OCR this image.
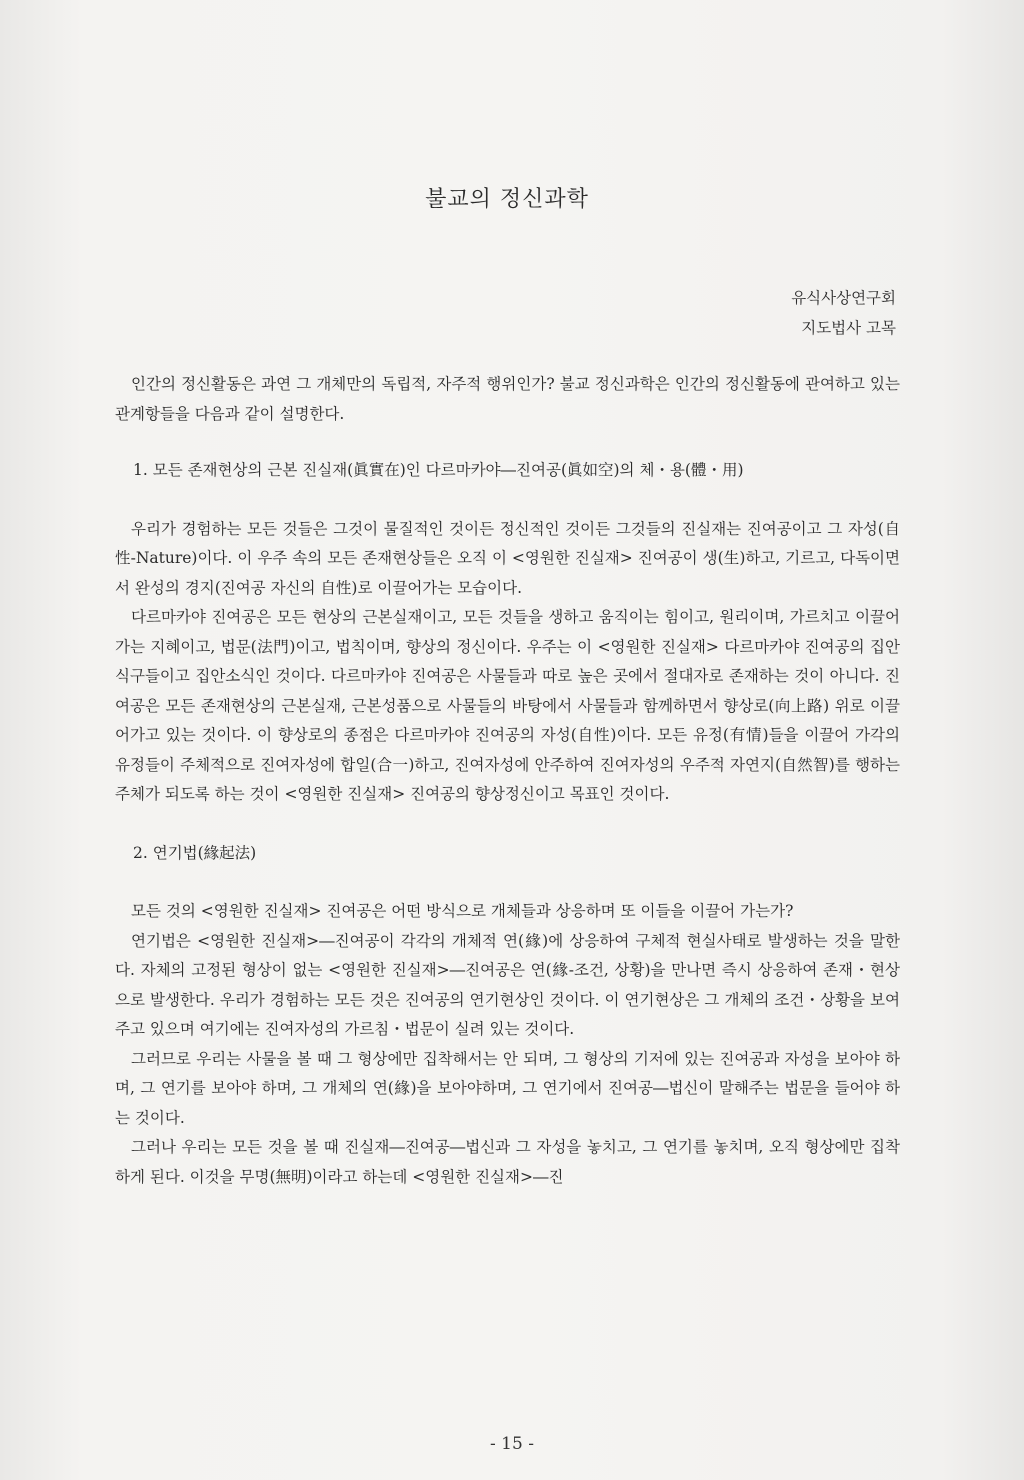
불교의 정신과학
유식사상연구회
지도법사 고목

인간의 정신활동은 과연 그 개체만의 독립적, 자주적 행위인가? 불교 정신과학은 인간의 정신활동에 관여하고 있는 관계항들을 다음과 같이 설명한다.

1. 모든 존재현상의 근본 진실재(眞實在)인 다르마카야―진여공(眞如空)의 체・용(體・用)

우리가 경험하는 모든 것들은 그것이 물질적인 것이든 정신적인 것이든 그것들의 진실재는 진여공이고 그 자성(自性-Nature)이다. 이 우주 속의 모든 존재현상들은 오직 이 <영원한 진실재> 진여공이 생(生)하고, 기르고, 다독이면서 완성의 경지(진여공 자신의 自性)로 이끌어가는 모습이다.

다르마카야 진여공은 모든 현상의 근본실재이고, 모든 것들을 생하고 움직이는 힘이고, 원리이며, 가르치고 이끌어가는 지혜이고, 법문(法門)이고, 법칙이며, 향상의 정신이다. 우주는 이 <영원한 진실재> 다르마카야 진여공의 집안 식구들이고 집안소식인 것이다. 다르마카야 진여공은 사물들과 따로 높은 곳에서 절대자로 존재하는 것이 아니다. 진여공은 모든 존재현상의 근본실재, 근본성품으로 사물들의 바탕에서 사물들과 함께하면서 향상로(向上路) 위로 이끌어가고 있는 것이다. 이 향상로의 종점은 다르마카야 진여공의 자성(自性)이다. 모든 유정(有情)들을 이끌어 가각의 유정들이 주체적으로 진여자성에 합일(合一)하고, 진여자성에 안주하여 진여자성의 우주적 자연지(自然智)를 행하는 주체가 되도록 하는 것이 <영원한 진실재> 진여공의 향상정신이고 목표인 것이다.

2. 연기법(緣起法)

모든 것의 <영원한 진실재> 진여공은 어떤 방식으로 개체들과 상응하며 또 이들을 이끌어 가는가?

연기법은 <영원한 진실재>―진여공이 각각의 개체적 연(緣)에 상응하여 구체적 현실사태로 발생하는 것을 말한다. 자체의 고정된 형상이 없는 <영원한 진실재>―진여공은 연(緣-조건, 상황)을 만나면 즉시 상응하여 존재・현상으로 발생한다. 우리가 경험하는 모든 것은 진여공의 연기현상인 것이다. 이 연기현상은 그 개체의 조건・상황을 보여주고 있으며 여기에는 진여자성의 가르침・법문이 실려 있는 것이다.

그러므로 우리는 사물을 볼 때 그 형상에만 집착해서는 안 되며, 그 형상의 기저에 있는 진여공과 자성을 보아야 하며, 그 연기를 보아야 하며, 그 개체의 연(緣)을 보아야하며, 그 연기에서 진여공―법신이 말해주는 법문을 들어야 하는 것이다.

그러나 우리는 모든 것을 볼 때 진실재―진여공―법신과 그 자성을 놓치고, 그 연기를 놓치며, 오직 형상에만 집착하게 된다. 이것을 무명(無明)이라고 하는데 <영원한 진실재>―진

- 15 -
